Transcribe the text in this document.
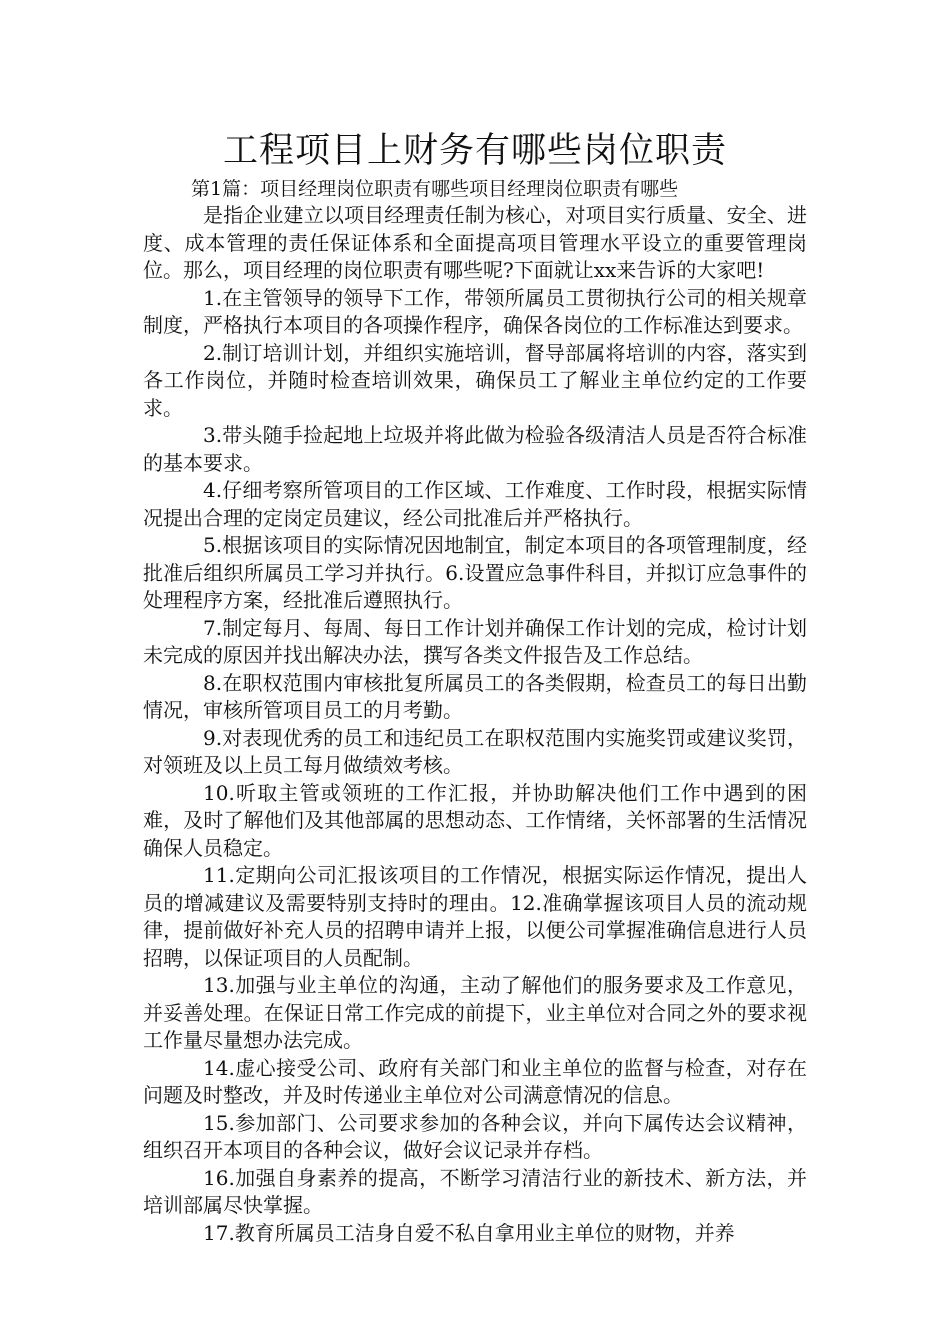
工程项目上财务有哪些岗位职责

第1篇：项目经理岗位职责有哪些项目经理岗位职责有哪些

是指企业建立以项目经理责任制为核心，对项目实行质量、安全、进度、成本管理的责任保证体系和全面提高项目管理水平设立的重要管理岗位。那么，项目经理的岗位职责有哪些呢?下面就让xx来告诉的大家吧!

1.在主管领导的领导下工作，带领所属员工贯彻执行公司的相关规章制度，严格执行本项目的各项操作程序，确保各岗位的工作标准达到要求。

2.制订培训计划，并组织实施培训，督导部属将培训的内容，落实到各工作岗位，并随时检查培训效果，确保员工了解业主单位约定的工作要求。

3.带头随手捡起地上垃圾并将此做为检验各级清洁人员是否符合标准的基本要求。

4.仔细考察所管项目的工作区域、工作难度、工作时段，根据实际情况提出合理的定岗定员建议，经公司批准后并严格执行。

5.根据该项目的实际情况因地制宜，制定本项目的各项管理制度，经批准后组织所属员工学习并执行。6.设置应急事件科目，并拟订应急事件的处理程序方案，经批准后遵照执行。

7.制定每月、每周、每日工作计划并确保工作计划的完成，检讨计划未完成的原因并找出解决办法，撰写各类文件报告及工作总结。

8.在职权范围内审核批复所属员工的各类假期，检查员工的每日出勤情况，审核所管项目员工的月考勤。

9.对表现优秀的员工和违纪员工在职权范围内实施奖罚或建议奖罚，对领班及以上员工每月做绩效考核。

10.听取主管或领班的工作汇报，并协助解决他们工作中遇到的困难，及时了解他们及其他部属的思想动态、工作情绪，关怀部署的生活情况确保人员稳定。

11.定期向公司汇报该项目的工作情况，根据实际运作情况，提出人员的增减建议及需要特别支持时的理由。12.准确掌握该项目人员的流动规律，提前做好补充人员的招聘申请并上报，以便公司掌握准确信息进行人员招聘，以保证项目的人员配制。

13.加强与业主单位的沟通，主动了解他们的服务要求及工作意见，并妥善处理。在保证日常工作完成的前提下，业主单位对合同之外的要求视工作量尽量想办法完成。

14.虚心接受公司、政府有关部门和业主单位的监督与检查，对存在问题及时整改，并及时传递业主单位对公司满意情况的信息。

15.参加部门、公司要求参加的各种会议，并向下属传达会议精神，组织召开本项目的各种会议，做好会议记录并存档。

16.加强自身素养的提高，不断学习清洁行业的新技术、新方法，并培训部属尽快掌握。

17.教育所属员工洁身自爱不私自拿用业主单位的财物，并养
